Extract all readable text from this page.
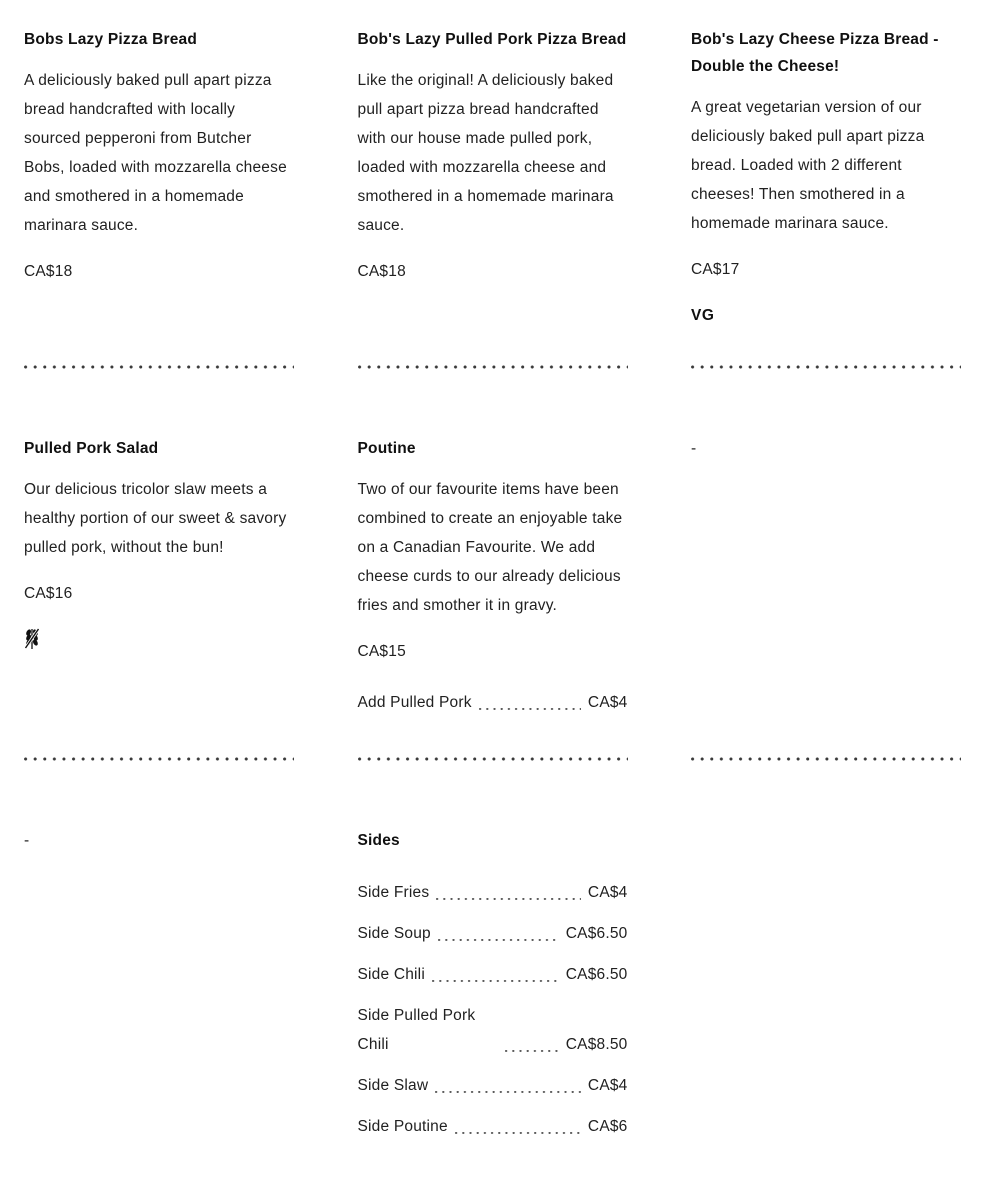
Bobs Lazy Pizza Bread
A deliciously baked pull apart pizza bread handcrafted with locally sourced pepperoni from Butcher Bobs, loaded with mozzarella cheese and smothered in a homemade marinara sauce.
CA$18
Bob's Lazy Pulled Pork Pizza Bread
Like the original! A deliciously baked pull apart pizza bread handcrafted with our house made pulled pork, loaded with mozzarella cheese and smothered in a homemade marinara sauce.
CA$18
Bob's Lazy Cheese Pizza Bread - Double the Cheese!
A great vegetarian version of our deliciously baked pull apart pizza bread. Loaded with 2 different cheeses! Then smothered in a homemade marinara sauce.
CA$17
VG
Pulled Pork Salad
Our delicious tricolor slaw meets a healthy portion of our sweet & savory pulled pork, without the bun!
CA$16
Poutine
Two of our favourite items have been combined to create an enjoyable take on a Canadian Favourite. We add cheese curds to our already delicious fries and smother it in gravy.
CA$15
Add Pulled Pork	CA$4
-
-	Sides
Side Fries	CA$4
Side Soup	CA$6.50
Side Chili	CA$6.50
Side Pulled Pork Chili	CA$8.50
Side Slaw	CA$4
Side Poutine	CA$6
